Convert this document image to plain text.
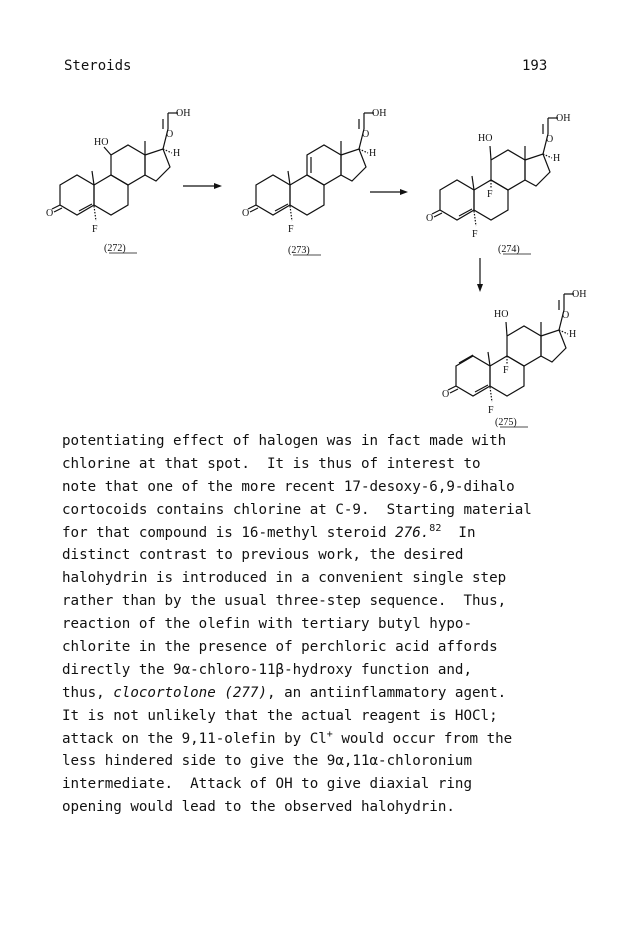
Steroids	193
OH
O
H
HO
O
F
(272)
OH
O
H
O
F
(273)
OH
O
H
HO
O
F
F
(274)
OH
O
H
HO
O
F
F
(275)
potentiating effect of halogen was in fact made with
chlorine at that spot.  It is thus of interest to
note that one of the more recent 17-desoxy-6,9-dihalo
cortocoids contains chlorine at C-9.  Starting material
for that compound is 16-methyl steroid 276.82  In
distinct contrast to previous work, the desired
halohydrin is introduced in a convenient single step
rather than by the usual three-step sequence.  Thus,
reaction of the olefin with tertiary butyl hypo-
chlorite in the presence of perchloric acid affords
directly the 9α-chloro-11β-hydroxy function and,
thus, clocortolone (277), an antiinflammatory agent.
It is not unlikely that the actual reagent is HOCl;
attack on the 9,11-olefin by Cl+ would occur from the
less hindered side to give the 9α,11α-chloronium
intermediate.  Attack of OH to give diaxial ring
opening would lead to the observed halohydrin.
